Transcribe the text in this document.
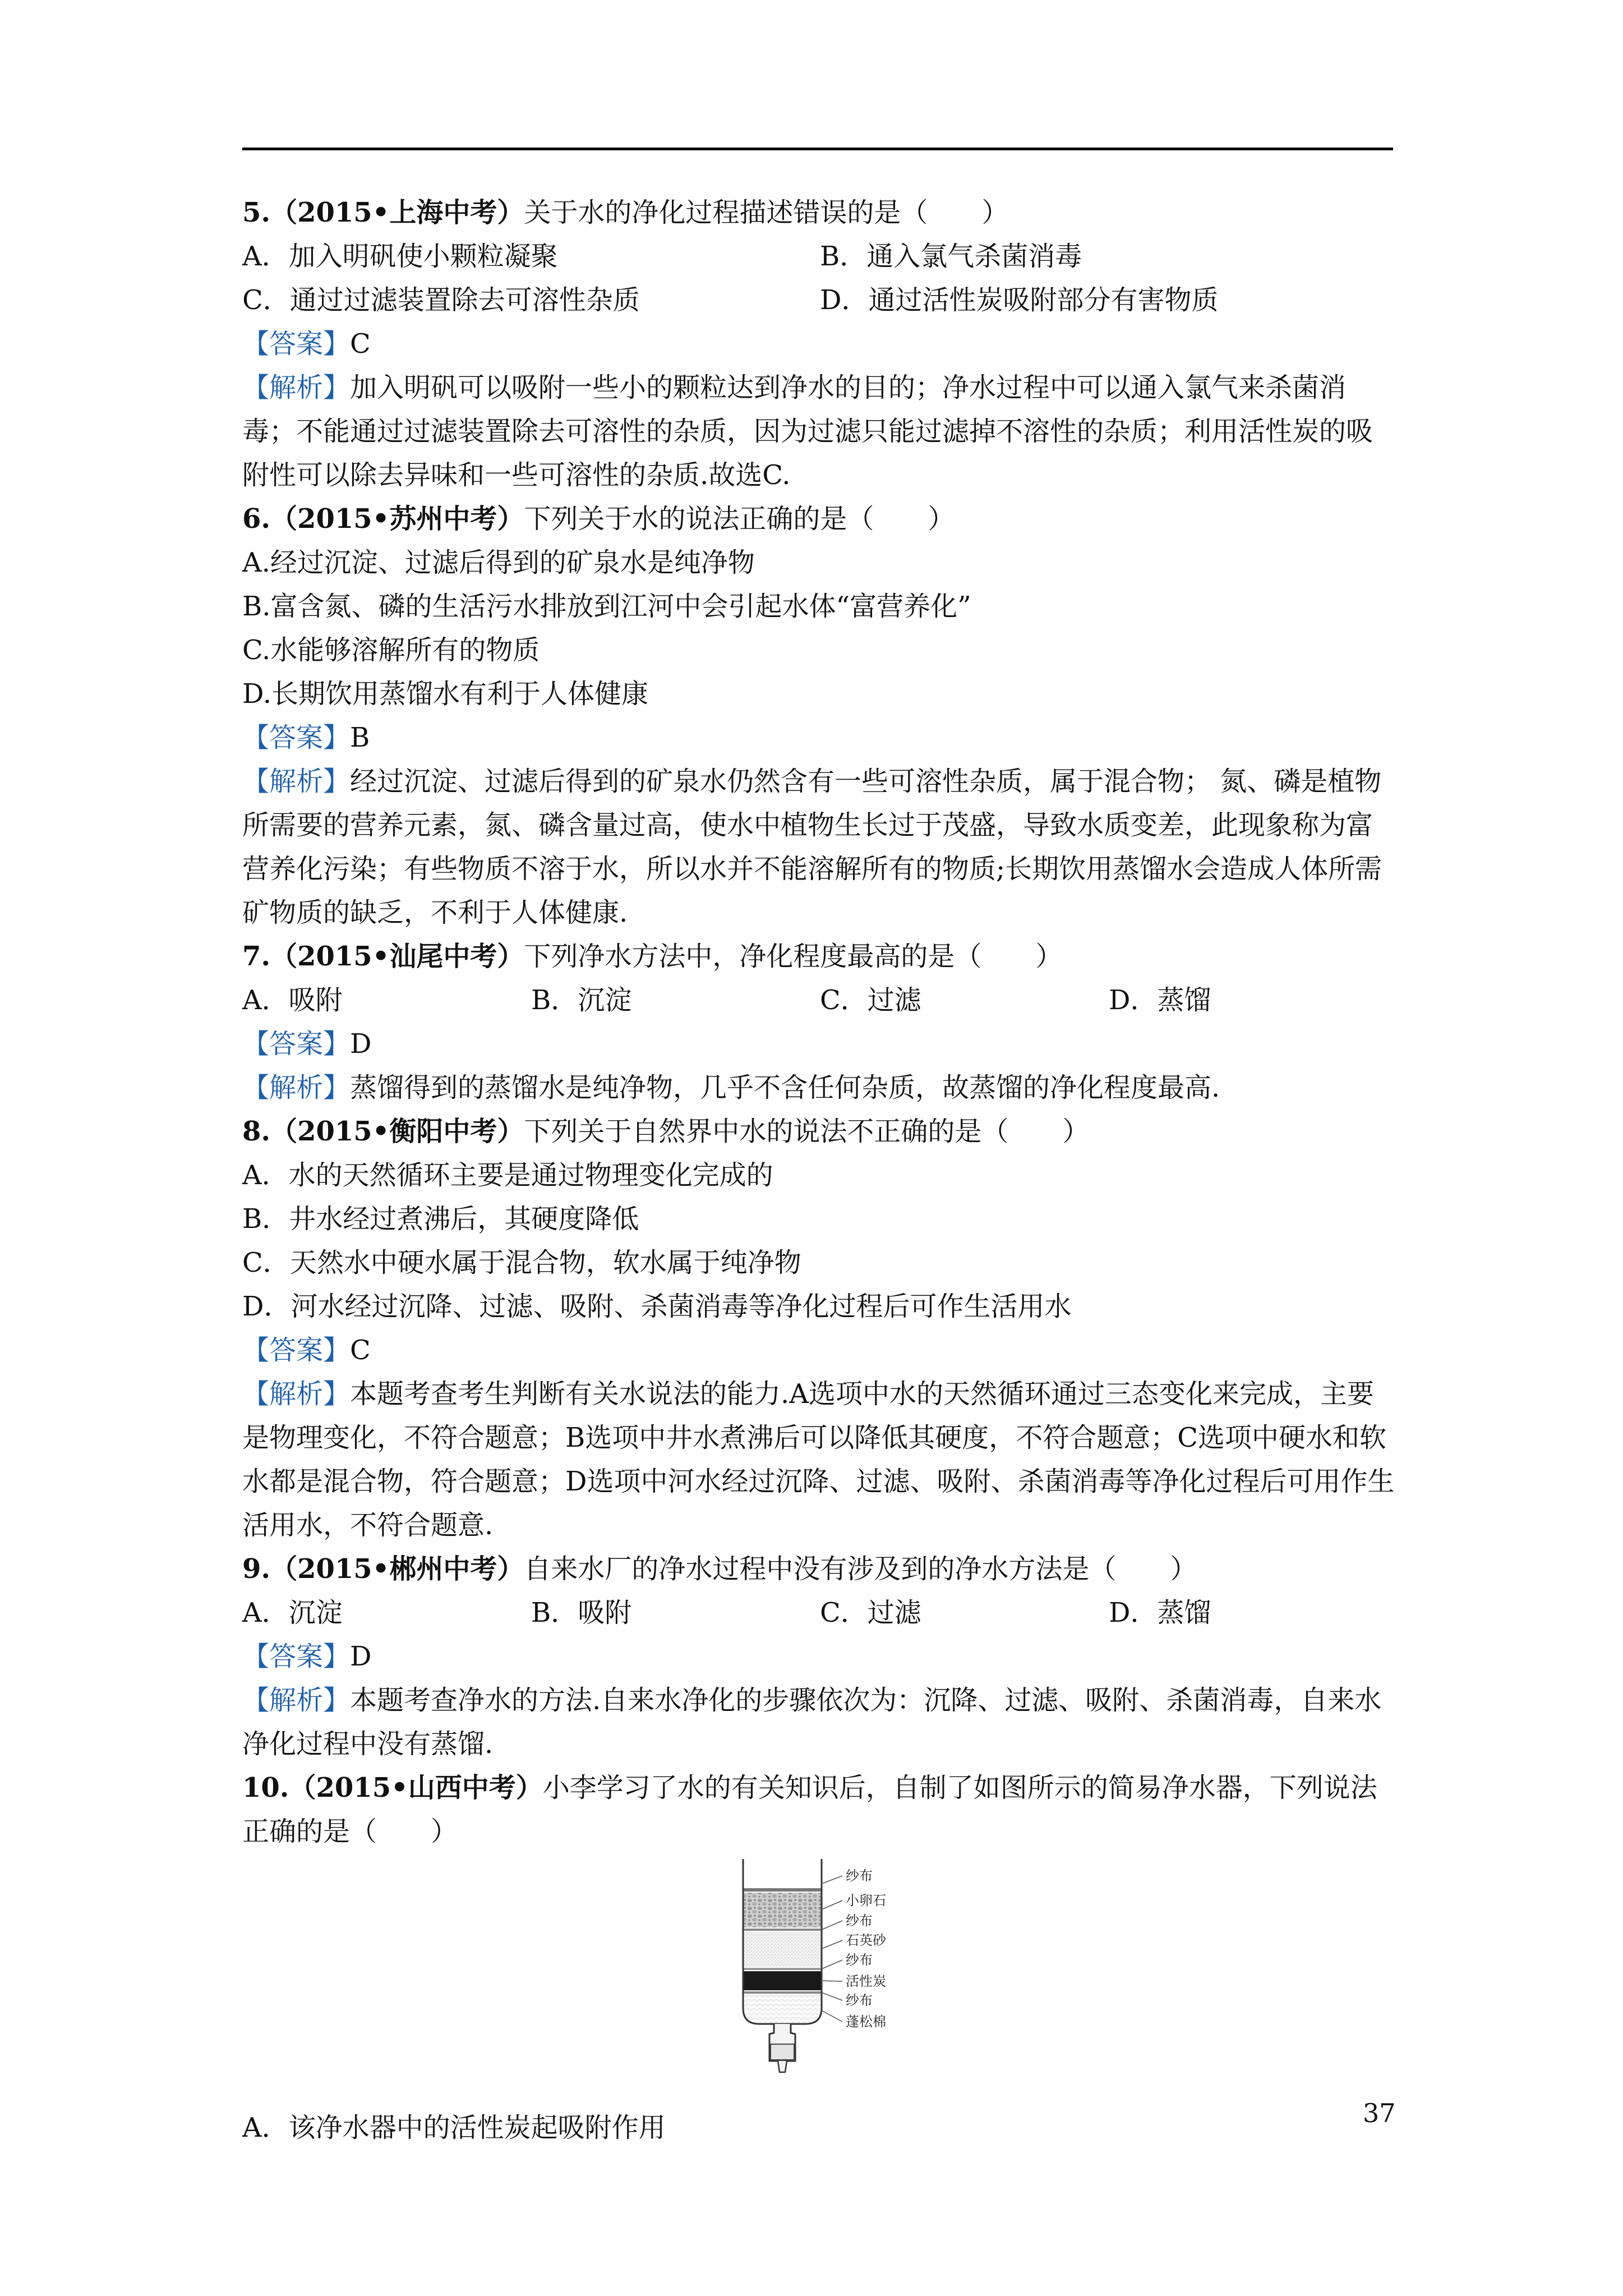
5.（2015•上海中考）关于水的净化过程描述错误的是（　　）
A．加入明矾使小颗粒凝聚	B．通入氯气杀菌消毒
C．通过过滤装置除去可溶性杂质	D．通过活性炭吸附部分有害物质
【答案】C
【解析】加入明矾可以吸附一些小的颗粒达到净水的目的；净水过程中可以通入氯气来杀菌消毒；不能通过过滤装置除去可溶性的杂质，因为过滤只能过滤掉不溶性的杂质；利用活性炭的吸附性可以除去异味和一些可溶性的杂质.故选C.
6.（2015•苏州中考）下列关于水的说法正确的是（　　）
A.经过沉淀、过滤后得到的矿泉水是纯净物
B.富含氮、磷的生活污水排放到江河中会引起水体“富营养化”
C.水能够溶解所有的物质
D.长期饮用蒸馏水有利于人体健康
【答案】B
【解析】经过沉淀、过滤后得到的矿泉水仍然含有一些可溶性杂质，属于混合物； 氮、磷是植物所需要的营养元素，氮、磷含量过高，使水中植物生长过于茂盛，导致水质变差，此现象称为富营养化污染；有些物质不溶于水，所以水并不能溶解所有的物质;长期饮用蒸馏水会造成人体所需矿物质的缺乏，不利于人体健康.
7.（2015•汕尾中考）下列净水方法中，净化程度最高的是（　　）
A．吸附	B．沉淀	C．过滤	D．蒸馏
【答案】D
【解析】蒸馏得到的蒸馏水是纯净物，几乎不含任何杂质，故蒸馏的净化程度最高.
8.（2015•衡阳中考）下列关于自然界中水的说法不正确的是（　　）
A．水的天然循环主要是通过物理变化完成的
B．井水经过煮沸后，其硬度降低
C．天然水中硬水属于混合物，软水属于纯净物
D．河水经过沉降、过滤、吸附、杀菌消毒等净化过程后可作生活用水
【答案】C
【解析】本题考查考生判断有关水说法的能力.A选项中水的天然循环通过三态变化来完成，主要是物理变化，不符合题意；B选项中井水煮沸后可以降低其硬度，不符合题意；C选项中硬水和软水都是混合物，符合题意；D选项中河水经过沉降、过滤、吸附、杀菌消毒等净化过程后可用作生活用水，不符合题意.
9.（2015•郴州中考）自来水厂的净水过程中没有涉及到的净水方法是（　　）
A．沉淀	B．吸附	C．过滤	D．蒸馏
【答案】D
【解析】本题考查净水的方法.自来水净化的步骤依次为：沉降、过滤、吸附、杀菌消毒，自来水净化过程中没有蒸馏.
10.（2015•山西中考）小李学习了水的有关知识后，自制了如图所示的简易净水器，下列说法正确的是（　　）
纱布
小卵石
纱布
石英砂
纱布
活性炭
纱布
蓬松棉
A．该净水器中的活性炭起吸附作用	37
